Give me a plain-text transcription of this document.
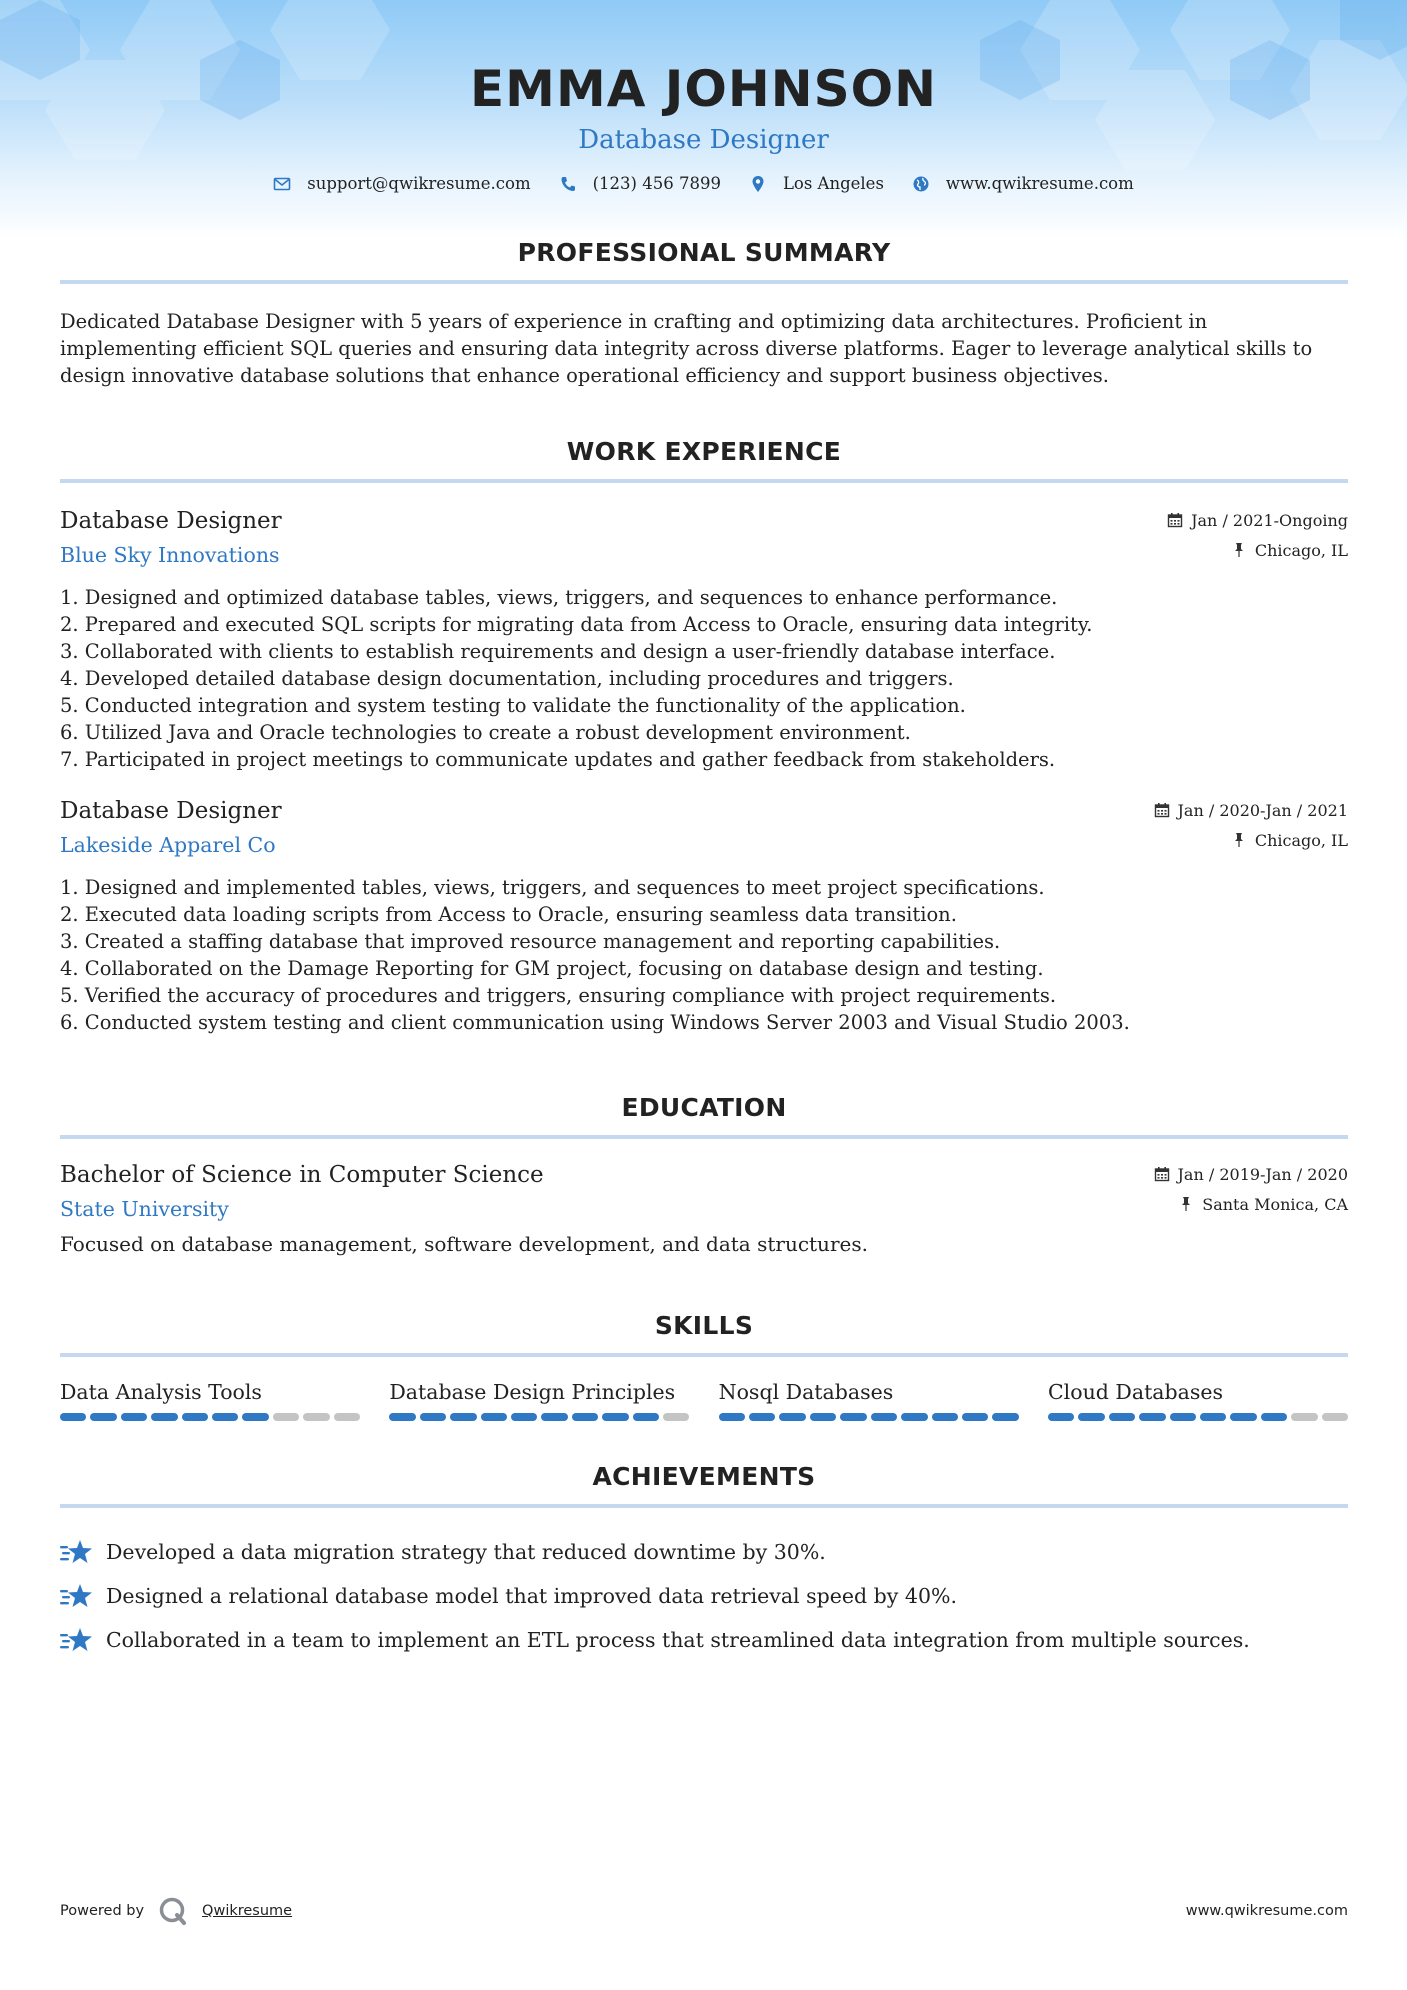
EMMA JOHNSON
Database Designer
support@qwikresume.com	(123) 456 7899	Los Angeles	www.qwikresume.com
PROFESSIONAL SUMMARY
Dedicated Database Designer with 5 years of experience in crafting and optimizing data architectures. Proficient in
implementing efficient SQL queries and ensuring data integrity across diverse platforms. Eager to leverage analytical skills to
design innovative database solutions that enhance operational efficiency and support business objectives.
WORK EXPERIENCE
Database Designer
Blue Sky Innovations
Jan / 2021-Ongoing
Chicago, IL
1. Designed and optimized database tables, views, triggers, and sequences to enhance performance.
2. Prepared and executed SQL scripts for migrating data from Access to Oracle, ensuring data integrity.
3. Collaborated with clients to establish requirements and design a user-friendly database interface.
4. Developed detailed database design documentation, including procedures and triggers.
5. Conducted integration and system testing to validate the functionality of the application.
6. Utilized Java and Oracle technologies to create a robust development environment.
7. Participated in project meetings to communicate updates and gather feedback from stakeholders.
Database Designer
Lakeside Apparel Co
Jan / 2020-Jan / 2021
Chicago, IL
1. Designed and implemented tables, views, triggers, and sequences to meet project specifications.
2. Executed data loading scripts from Access to Oracle, ensuring seamless data transition.
3. Created a staffing database that improved resource management and reporting capabilities.
4. Collaborated on the Damage Reporting for GM project, focusing on database design and testing.
5. Verified the accuracy of procedures and triggers, ensuring compliance with project requirements.
6. Conducted system testing and client communication using Windows Server 2003 and Visual Studio 2003.
EDUCATION
Bachelor of Science in Computer Science
State University
Jan / 2019-Jan / 2020
Santa Monica, CA
Focused on database management, software development, and data structures.
SKILLS
Data Analysis Tools	Database Design Principles	Nosql Databases	Cloud Databases
ACHIEVEMENTS
Developed a data migration strategy that reduced downtime by 30%.
Designed a relational database model that improved data retrieval speed by 40%.
Collaborated in a team to implement an ETL process that streamlined data integration from multiple sources.
Powered by	Qwikresume	www.qwikresume.com
